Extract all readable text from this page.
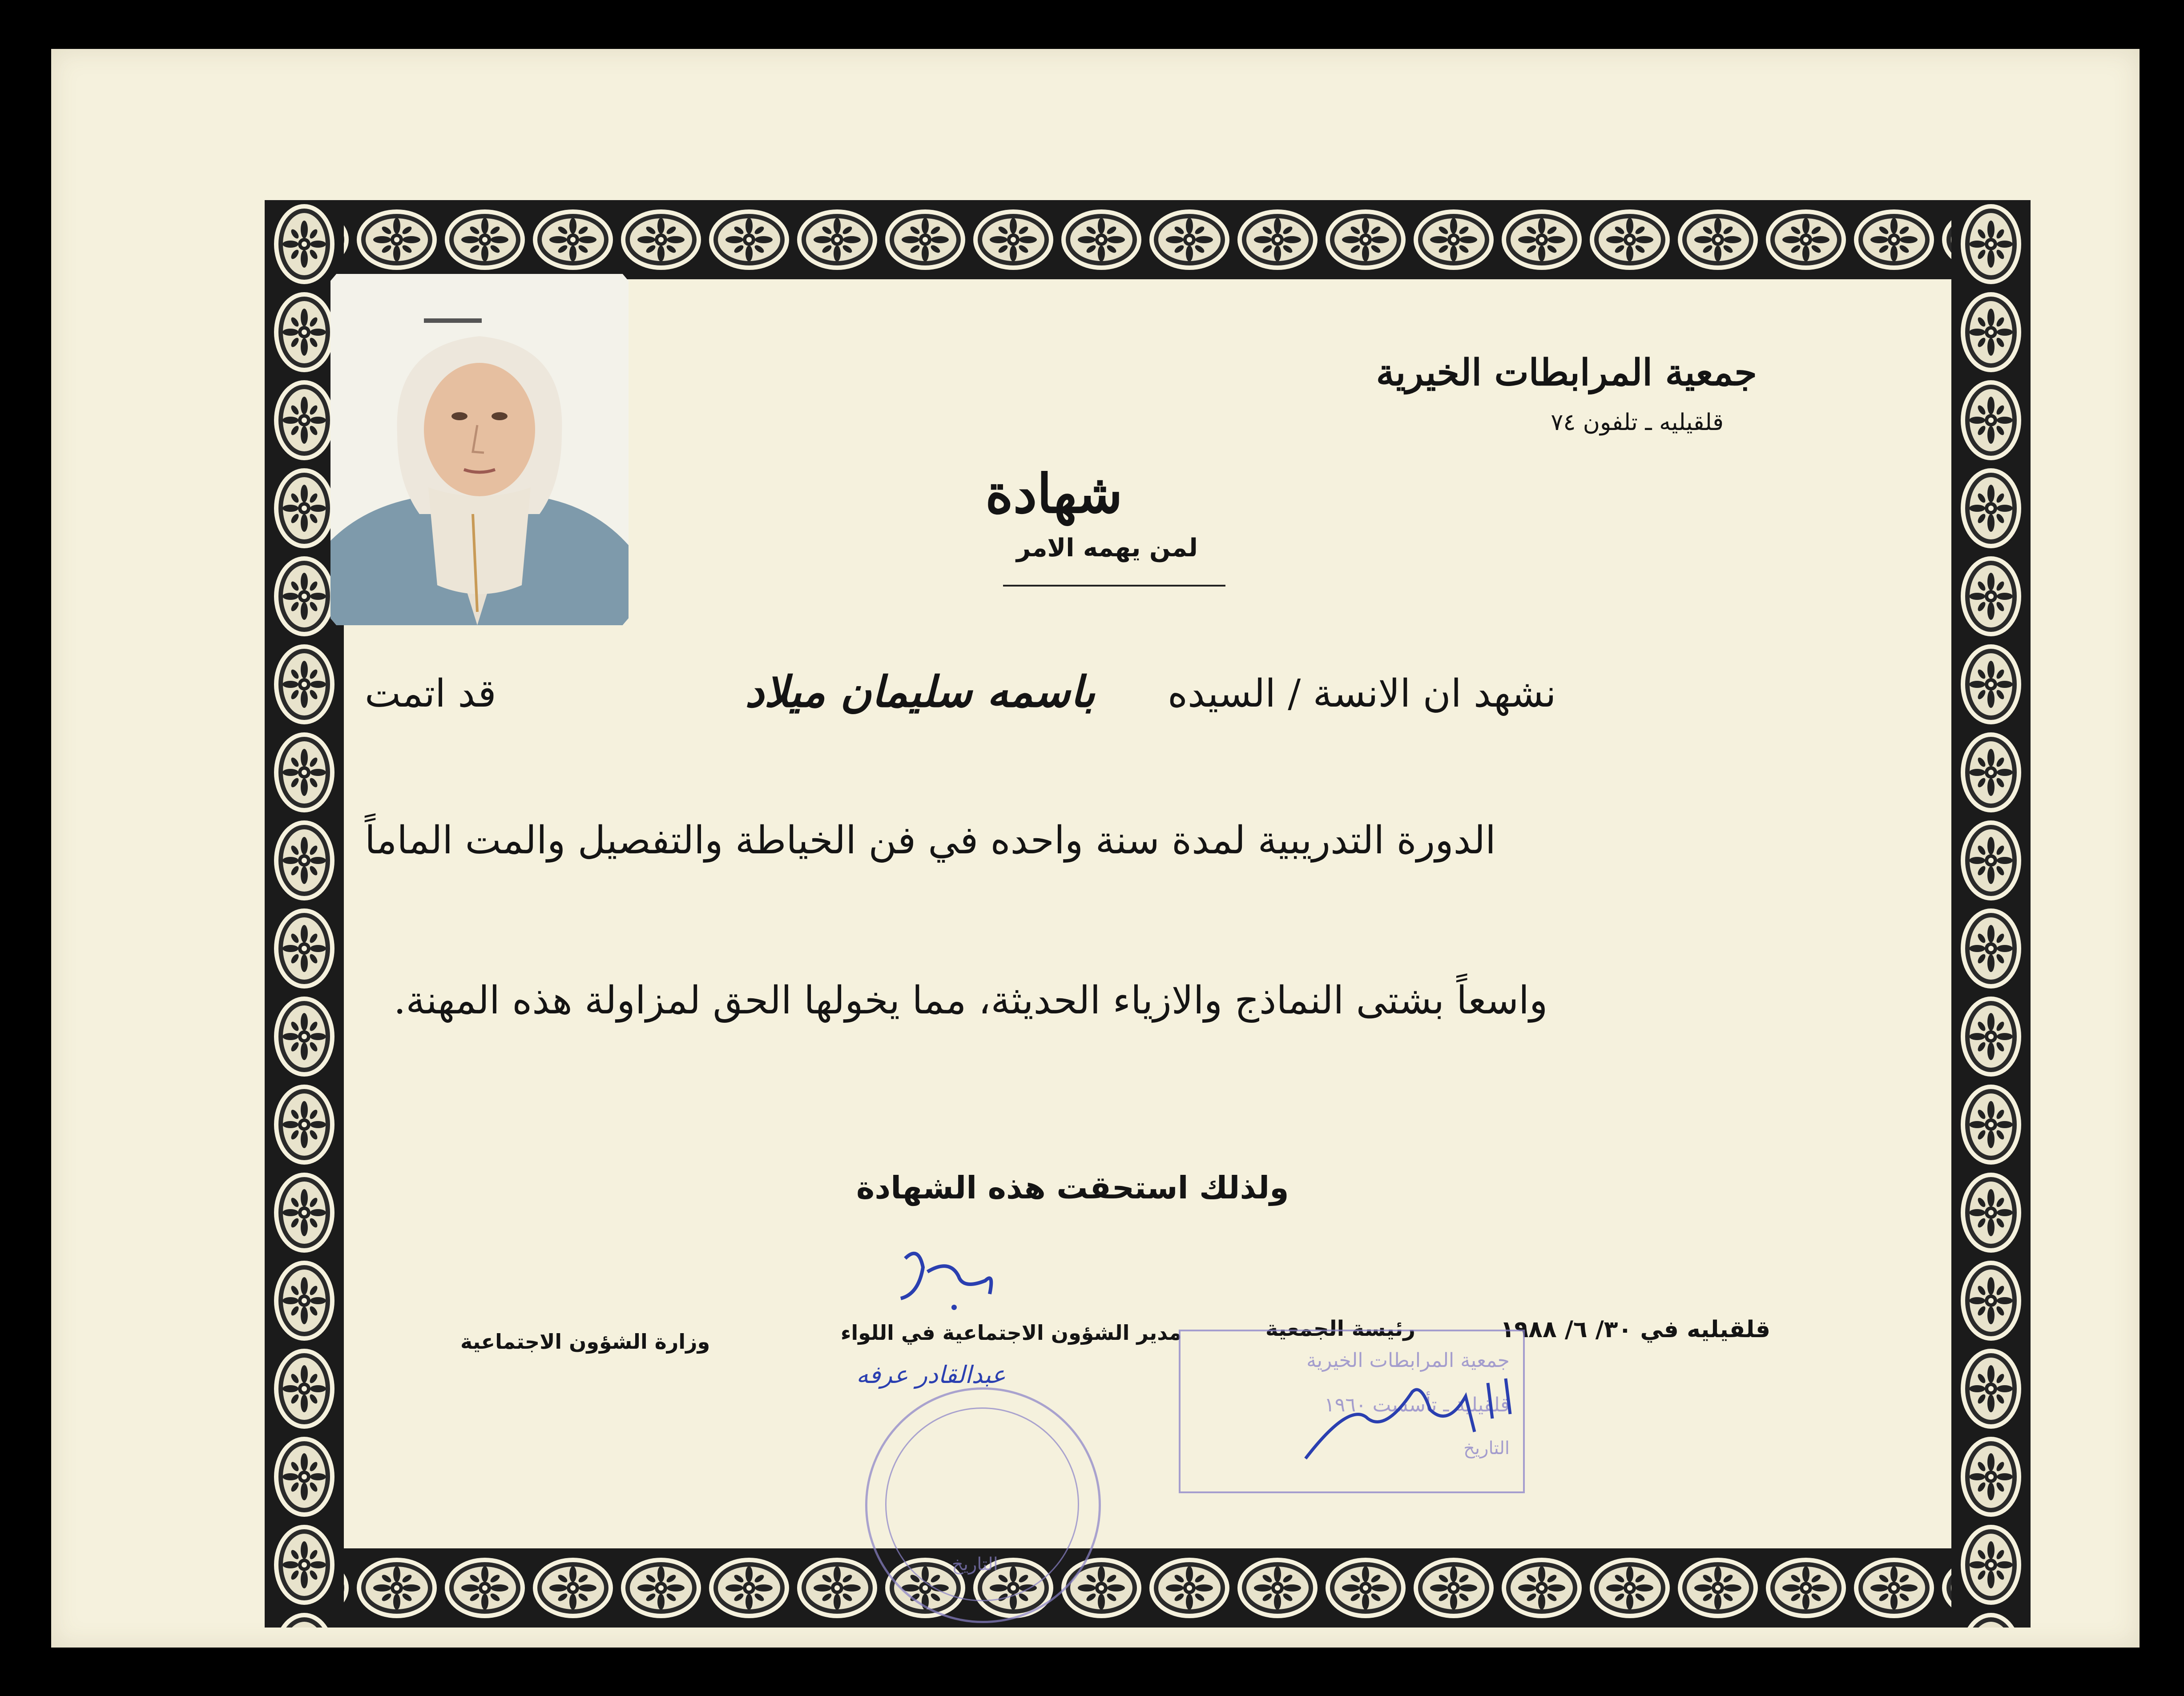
جمعية المرابطات الخيرية
قلقيليه ـ تلفون ٧٤
شهادة
لمن يهمه الامر
قد اتمت	باسمه سليمان ميلاد نشهد ان الانسة / السيده
الدورة التدريبية لمدة سنة واحده في فن الخياطة والتفصيل والمت الماماً
واسعاً بشتى النماذج والازياء الحديثة، مما يخولها الحق لمزاولة هذه المهنة.
ولذلك استحقت هذه الشهادة
قلقيليه في ٣٠/ ٦/ ١٩٨٨
رئيسة الجمعية
وزارة الشؤون الاجتماعية	مدير الشؤون الاجتماعية في اللواء
عبدالقادر عرفه
جمعية المرابطات الخيرية
قلقيلية ـ تأسست ١٩٦٠
التاريخ
التاريخ
